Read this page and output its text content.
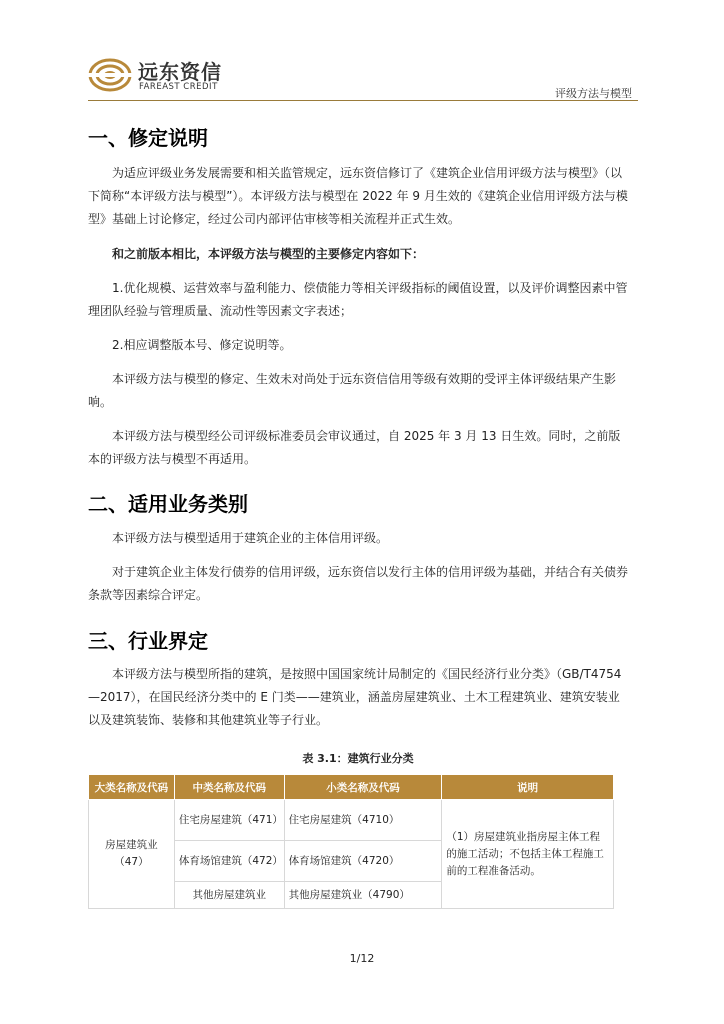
远东资信
FAREAST CREDIT	评级方法与模型
一、修定说明

为适应评级业务发展需要和相关监管规定，远东资信修订了《建筑企业信用评级方法与模型》（以下简称“本评级方法与模型”）。本评级方法与模型在 2022 年 9 月生效的《建筑企业信用评级方法与模型》基础上讨论修定，经过公司内部评估审核等相关流程并正式生效。

和之前版本相比，本评级方法与模型的主要修定内容如下：

1.优化规模、运营效率与盈利能力、偿债能力等相关评级指标的阈值设置，以及评价调整因素中管理团队经验与管理质量、流动性等因素文字表述；

2.相应调整版本号、修定说明等。

本评级方法与模型的修定、生效未对尚处于远东资信信用等级有效期的受评主体评级结果产生影响。

本评级方法与模型经公司评级标准委员会审议通过，自 2025 年 3 月 13 日生效。同时，之前版本的评级方法与模型不再适用。

二、适用业务类别

本评级方法与模型适用于建筑企业的主体信用评级。

对于建筑企业主体发行债券的信用评级，远东资信以发行主体的信用评级为基础，并结合有关债券条款等因素综合评定。

三、行业界定

本评级方法与模型所指的建筑，是按照中国国家统计局制定的《国民经济行业分类》（GB/T4754—2017），在国民经济分类中的 E 门类——建筑业，涵盖房屋建筑业、土木工程建筑业、建筑安装业以及建筑装饰、装修和其他建筑业等子行业。

表 3.1：建筑行业分类
大类名称及代码	中类名称及代码	小类名称及代码	说明
房屋建筑业（47）	住宅房屋建筑（471）	住宅房屋建筑（4710）	（1）房屋建筑业指房屋主体工程的施工活动；不包括主体工程施工前的工程准备活动。
	体育场馆建筑（472）	体育场馆建筑（4720）	
	其他房屋建筑业	其他房屋建筑业（4790）	
1/12
